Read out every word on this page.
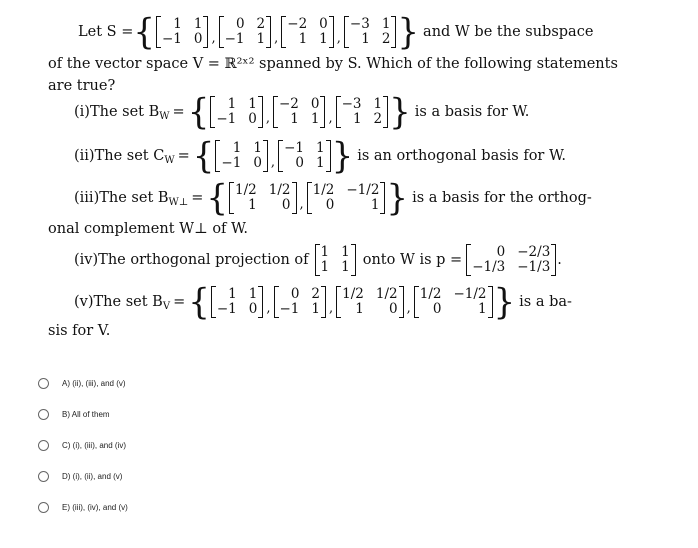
Let S = {	1 1
−1 0 ,
0 2
−1 1 ,
−2 0
1 1 ,
−3 1
1 2 } and W be the subspace
of the vector space V = ℝ²ˣ² spanned by S. Which of the following statements
are true?
(i)The set $B_W$ = {	1 1
−1 0 ,
−2 0
1 1 ,
−3 1
1 2 } is a basis for W.
(ii)The set $C_W$ = {	1 1
−1 0 ,
−1 1
0 1 } is an orthogonal basis for W.
(iii)The set $B_{W\perp}$ = { 1/2 1/2
1	0 ,
1/2 −1/2
0	1 } is a basis for the orthog-
onal complement W⊥ of W.
(iv)The orthogonal projection of 1 1
1 1 onto W is p =	0 −2/3
−1/3 −1/3 .
(v)The set $B_V$ = {	1 1
−1 0 ,
0 2
−1 1 ,
1/2 1/2
1	0 ,
1/2 −1/2
0	1 } is a ba-
sis for V.
A) (ii), (iii), and (v)
B) All of them
C) (i), (iii), and (iv)
D) (i), (ii), and (v)
E) (iii), (iv), and (v)
